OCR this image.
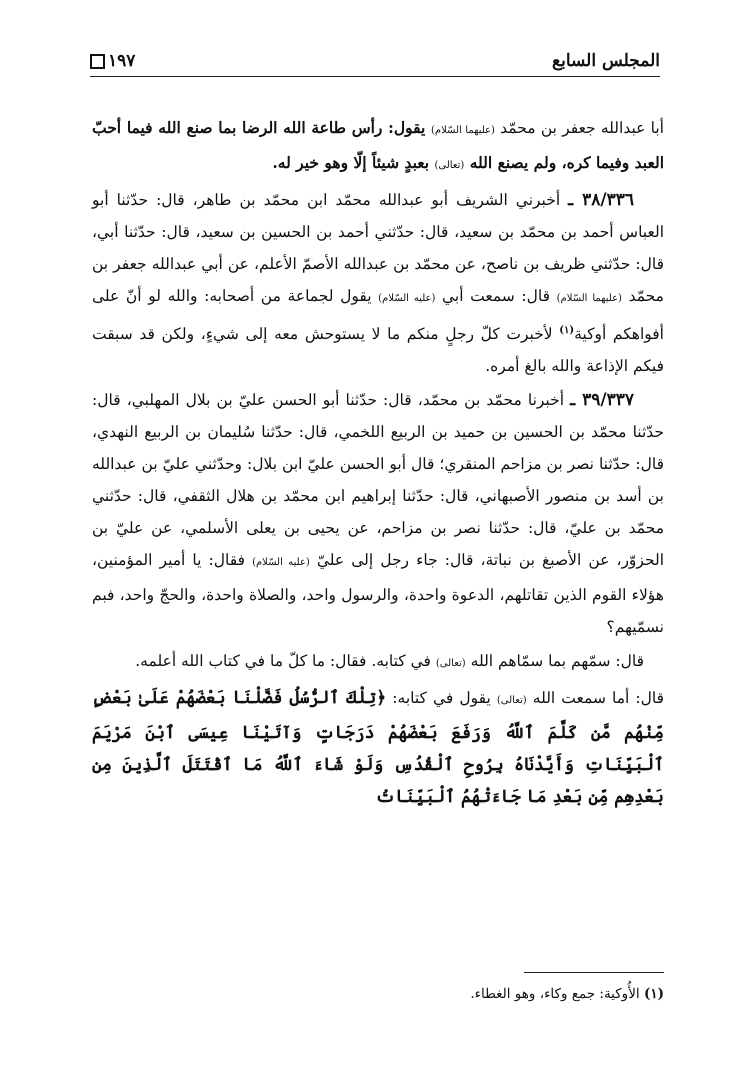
المجلس السابع
١٩٧

أبا عبدالله جعفر بن محمّد (عليهما السّلام) يقول: رأس طاعة الله الرضا بما صنع الله فيما أحبّ العبد وفيما كره، ولم يصنع الله (تعالى) بعبدٍ شيئاً إلّا وهو خير له.

٣٨/٣٣٦ ـ أخبرني الشريف أبو عبدالله محمّد ابن محمّد بن طاهر، قال: حدّثنا أبو العباس أحمد بن محمّد بن سعيد، قال: حدّثني أحمد بن الحسين بن سعيد، قال: حدّثنا أبي، قال: حدّثني ظريف بن ناصح، عن محمّد بن عبدالله الأصمّ الأعلم، عن أبي عبدالله جعفر بن محمّد (عليهما السّلام) قال: سمعت أبي (عليه السّلام) يقول لجماعة من أصحابه: والله لو أنّ على أفواهكم أوكية$^{(١)}$ لأخبرت كلّ رجلٍ منكم ما لا يستوحش معه إلى شيءٍ، ولكن قد سبقت فيكم الإذاعة والله بالغ أمره.

٣٩/٣٣٧ ـ أخبرنا محمّد بن محمّد، قال: حدّثنا أبو الحسن عليّ بن بلال المهلبي، قال: حدّثنا محمّد بن الحسين بن حميد بن الربيع اللخمي، قال: حدّثنا سُليمان بن الربيع النهدي، قال: حدّثنا نصر بن مزاحم المنقري؛ قال أبو الحسن عليّ ابن بلال: وحدّثني عليّ بن عبدالله بن أسد بن منصور الأصبهاني، قال: حدّثنا إبراهيم ابن محمّد بن هلال الثقفي، قال: حدّثني محمّد بن عليّ، قال: حدّثنا نصر بن مزاحم، عن يحيى بن يعلى الأسلمي، عن عليّ بن الحزوّر، عن الأصبغ بن نباتة، قال: جاء رجل إلى عليّ (عليه السّلام) فقال: يا أمير المؤمنين، هؤلاء القوم الذين تقاتلهم، الدعوة واحدة، والرسول واحد، والصلاة واحدة، والحجّ واحد، فبم نسمّيهم؟

قال: سمّهم بما سمّاهم الله (تعالى) في كتابه. فقال: ما كلّ ما في كتاب الله أعلمه.

قال: أما سمعت الله (تعالى) يقول في كتابه: ﴿تِلْكَ ٱلرُّسُلُ فَضَّلْنَا بَعْضَهُمْ عَلَىٰ بَعْضٍ مِّنْهُم مَّن كَلَّمَ ٱللَّهُ وَرَفَعَ بَعْضَهُمْ دَرَجَاتٍ وَآتَيْنَا عِيسَى ٱبْنَ مَرْيَمَ ٱلْبَيِّنَاتِ وَأَيَّدْنَاهُ بِرُوحِ ٱلْقُدُسِ وَلَوْ شَاءَ ٱللَّهُ مَا ٱقْتَتَلَ ٱلَّذِينَ مِن بَعْدِهِم مِّن بَعْدِ مَا جَاءَتْهُمُ ٱلْبَيِّنَاتُ

(١) الأُوكية: جمع وكاء، وهو الغطاء.
